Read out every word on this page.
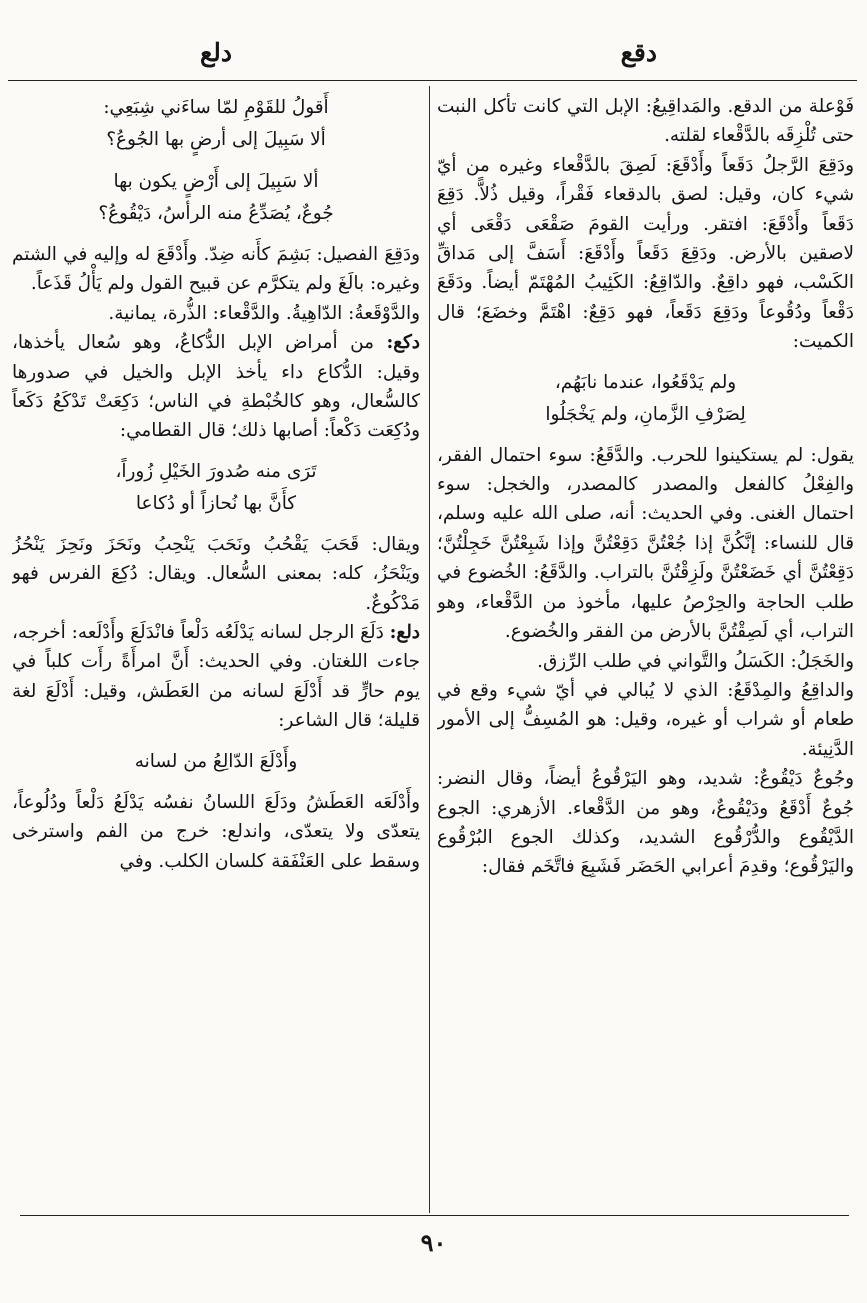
دقع
دلع

فَوْعلة من الدقع. والمَداقِيعُ: الإبل التي كانت تأكل النبت حتى تُلْزِقَه بالدَّقْعاء لقلته.

ودَقِعَ الرَّجلُ دَقَعاً وأَدْقَعَ: لَصِقَ بالدَّقْعاء وغيره من أيّ شيء كان، وقيل: لصق بالدقعاء فَقْراً، وقيل ذُلاًّ. دَقِعَ دَقَعاً وأَدْقَعَ: افتقر. ورأيت القومَ صَقْعَى دَقْعَى أي لاصقين بالأرض. ودَقِعَ دَقَعاً وأَدْقَعَ: أَسَفَّ إلى مَداقِّ الكَسْب، فهو داقِعٌ. والدّاقِعُ: الكَئِيبُ المُهْتَمّ أيضاً. ودَقَعَ دَقْعاً ودُقُوعاً ودَقِعَ دَقَعاً، فهو دَقِعٌ: اهْتَمَّ وخضَعَ؛ قال الكميت:

ولم يَدْقَعُوا، عندما نابَهُم،
لِصَرْفِ الزَّمانِ، ولم يَخْجَلُوا

يقول: لم يستكينوا للحرب. والدَّقَعُ: سوء احتمال الفقر، والفِعْلُ كالفعل والمصدر كالمصدر، والخجل: سوء احتمال الغنى. وفي الحديث: أنه، صلى الله عليه وسلم، قال للنساء: إنَّكُنَّ إذا جُعْتُنَّ دَقِعْتُنَّ وإذا شَبِعْتُنَّ خَجِلْتُنَّ؛ دَقِعْتُنَّ أي خَضَعْتُنَّ ولَزِقْتُنَّ بالتراب. والدَّقَعُ: الخُضوع في طلب الحاجة والحِرْصُ عليها، مأخوذ من الدَّقْعاء، وهو التراب، أي لَصِقْتُنَّ بالأرض من الفقر والخُضوع.

والخَجَلُ: الكَسَلُ والتَّواني في طلب الرِّزق.

والداقِعُ والمِدْقَعُ: الذي لا يُبالي في أيّ شيء وقع في طعام أو شراب أو غيره، وقيل: هو المُسِفُّ إلى الأمور الدَّنِيئة.

وجُوعٌ دَيْقُوعٌ: شديد، وهو اليَرْقُوعُ أيضاً، وقال النضر: جُوعٌ أَدْقَعُ ودَيْقُوعٌ، وهو من الدَّقْعاء. الأزهري: الجوع الدَّيْقُوع والدُّرْقُوع الشديد، وكذلك الجوع البُرْقُوع واليَرْقُوع؛ وقدِمَ أعرابي الحَضَر فَشَبِعَ فاتَّخَم فقال:

أَقولُ للقَوْمِ لمّا ساءَني شِبَعِي:
ألا سَبِيلَ إلى أرضٍ بها الجُوعُ؟
ألا سَبِيلَ إلى أَرْضٍ يكون بها
جُوعٌ، يُصَدِّعُ منه الرأسُ، دَيْقُوعُ؟

ودَقِعَ الفصيل: بَشِمَ كأَنه ضِدّ. وأَدْقَعَ له وإليه في الشتم وغيره: بالَغَ ولم يتكرَّم عن قبيح القول ولم يَأْلُ قَذَعاً.

والدَّوْقَعةُ: الدّاهِيةُ. والدَّقْعاء: الذُّرة، يمانية.

دكع: من أمراض الإبل الدُّكاعُ، وهو سُعال يأخذها، وقيل: الدُّكاع داء يأخذ الإبل والخيل في صدورها كالسُّعال، وهو كالخُبْطةِ في الناس؛ دَكِعَتْ تَدْكَعُ دَكَعاً ودُكِعَت دَكْعاً: أصابها ذلك؛ قال القطامي:

تَرَى منه صُدورَ الخَيْلِ زُوراً،
كأَنَّ بها نُحازاً أو دُكاعا

ويقال: قَحَبَ يَقْحُبُ ونَحَبَ يَنْحِبُ ونَحَزَ ونَحِزَ يَنْحُزُ ويَنْحَزُ، كله: بمعنى السُّعال. ويقال: دُكِعَ الفرس فهو مَدْكُوعٌ.

دلع: دَلَعَ الرجل لسانه يَدْلَعُه دَلْعاً فانْدَلَعَ وأَدْلَعه: أخرجه، جاءت اللغتان. وفي الحديث: أَنَّ امرأَةً رأَت كلباً في يوم حارٍّ قد أَدْلَعَ لسانه من العَطَش، وقيل: أَدْلَعَ لغة قليلة؛ قال الشاعر:

وأَدْلَعَ الدّالِعُ من لسانه

وأَدْلَعَه العَطَشُ ودَلَعَ اللسانُ نفسُه يَدْلَعُ دَلْعاً ودُلُوعاً، يتعدّى ولا يتعدّى، واندلع: خرج من الفم واسترخى وسقط على العَنْفَقة كلسان الكلب. وفي

٩٠
